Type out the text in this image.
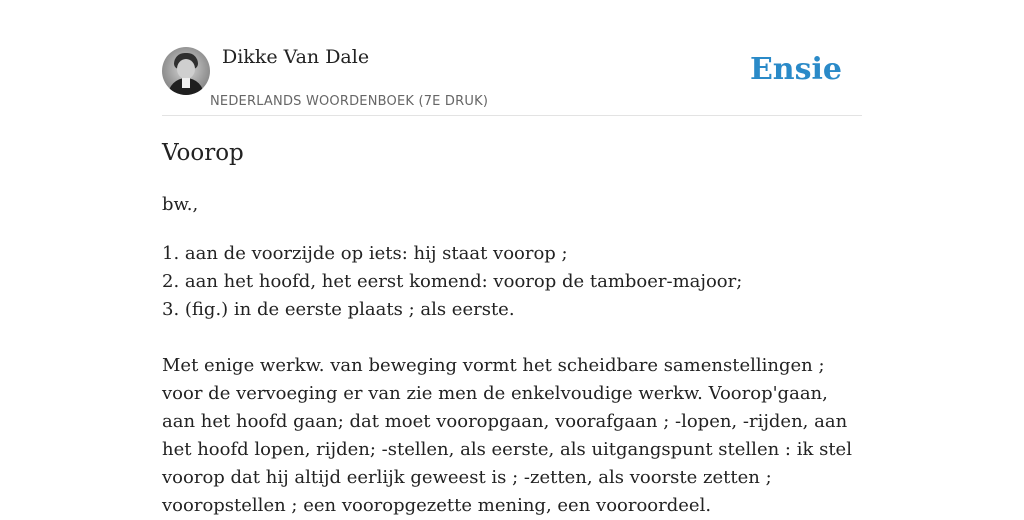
Dikke Van Dale
NEDERLANDS WOORDENBOEK (7E DRUK)
Ensie
Voorop
bw.,
1. aan de voorzijde op iets: hij staat voorop ;
2. aan het hoofd, het eerst komend: voorop de tamboer-majoor;
3. (fig.) in de eerste plaats ; als eerste.

Met enige werkw. van beweging vormt het scheidbare samenstellingen ; voor de vervoeging er van zie men de enkelvoudige werkw. Voorop'gaan, aan het hoofd gaan; dat moet vooropgaan, voorafgaan ; -lopen, -rijden, aan het hoofd lopen, rijden; -stellen, als eerste, als uitgangspunt stellen : ik stel voorop dat hij altijd eerlijk geweest is ; -zetten, als voorste zetten ; vooropstellen ; een vooropgezette mening, een vooroordeel.
